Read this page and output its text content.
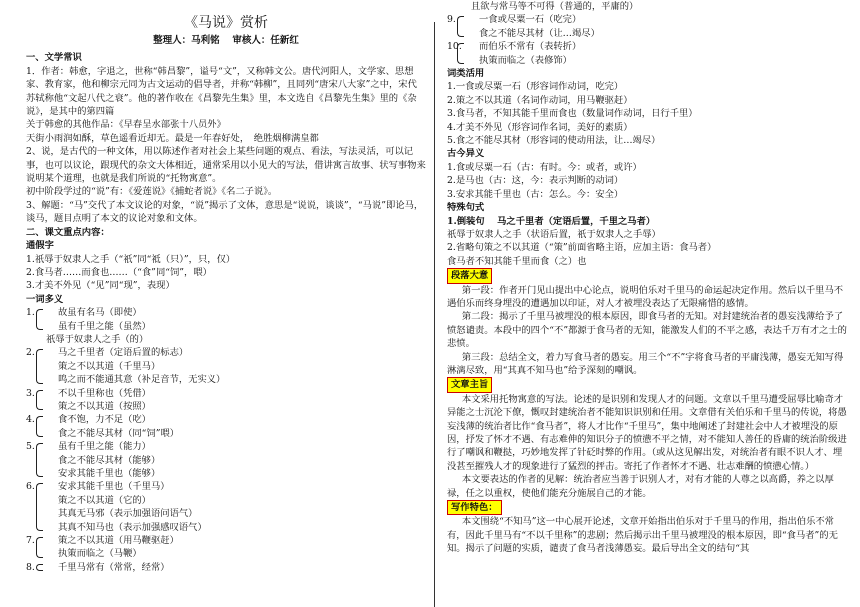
《马说》赏析
整理人：马利铭　 审核人：任新红
一、文学常识
1．作者：韩愈，字退之，世称“韩昌黎”，谥号“文”，又称韩文公。唐代河阳人，文学家、思想家、教育家，他和柳宗元同为古文运动的倡导者，并称“韩柳”，且同列“唐宋八大家”之中，宋代苏轼称他“文起八代之衰”。他的著作收在《昌黎先生集》里，本文选自《昌黎先生集》里的《杂说》，是其中的第四篇
关于韩愈的其他作品：《早春呈水部张十八员外》
天街小雨润如酥，草色遥看近却无。最是一年春好处，　绝胜烟柳满皇都
2、说，是古代的一种文体，用以陈述作者对社会上某些问题的观点、看法，写法灵活，可以记事，也可以议论，跟现代的杂文大体相近，通常采用以小见大的写法，借讲寓言故事、状写事物来说明某个道理，也就是我们所说的“托物寓意”。
初中阶段学过的“说”有：《爱莲说》《捕蛇者说》《名二子说》。
3、解题：“马”交代了本文议论的对象，“说”揭示了文体，意思是“说说，谈谈”，“马说”即论马，谈马，题目点明了本文的议论对象和文体。
二、课文重点内容：
通假字
1.祇辱于奴隶人之手（“祇”同“祗（只）”，只，仅）
2.食马者……而食也……（“食”同“饲”，喂）
3.才美不外见（“见”同“现”，表现）
一词多义
1. 故虽有名马（即使）
虽有千里之能（虽然）
祇辱于奴隶人之手（的）
2. 马之千里者（定语后置的标志）
策之不以其道（千里马）
鸣之而不能通其意（补足音节，无实义）
3. 不以千里称也（凭借）
策之不以其道（按照）
4. 食不饱，力不足（吃）
食之不能尽其材（同“饲”喂）
5. 虽有千里之能（能力）
食之不能尽其材（能够）
安求其能千里也（能够）
6. 安求其能千里也（千里马）
策之不以其道（它的）
其真无马邪（表示加强语问语气）
其真不知马也（表示加强感叹语气）
7. 策之不以其道（用马鞭驱赶）
执策而临之（马鞭）
8. 千里马常有（常常，经常）
且欲与常马等不可得（普通的，平庸的）
9. 一食或尽粟一石（吃完）
食之不能尽其材（让…竭尽）
10. 而伯乐不常有（表转折）
执策而临之（表修饰）
词类活用
1.一食或尽粟一石（形容词作动词，吃完）
2.策之不以其道（名词作动词，用马鞭驱赶）
3.食马者，不知其能千里而食也（数量词作动词，日行千里）
4.才美不外见（形容词作名词，美好的素质）
5.食之不能尽其材（形容词的使动用法，让…竭尽）
古今异义
1.食或尽粟一石（古：有时。今：或者，或许）
2.是马也（古：这，今：表示判断的动词）
3.安求其能千里也（古：怎么。今：安全）
特殊句式
1.倒装句　 马之千里者（定语后置，千里之马者）
祇辱于奴隶人之手（状语后置，祇于奴隶人之手辱）
2.省略句策之不以其道（“策”前面省略主语，应加主语：食马者）
食马者不知其能千里而食（之）也
段落大意
第一段：作者开门见山提出中心论点，说明伯乐对千里马的命运起决定作用。然后以千里马不遇伯乐而终身埋没的遭遇加以印证，对人才被埋没表达了无限痛惜的感情。
第二段：揭示了千里马被埋没的根本原因，即食马者的无知。对封建统治者的愚妄浅薄给予了愤怒谴责。本段中的四个“不”都源于食马者的无知，能激发人们的不平之感，表达千万有才之士的悲愤。
第三段：总结全文，着力写食马者的愚妄。用三个“不”字将食马者的平庸浅薄，愚妄无知写得淋漓尽致，用“其真不知马也”给予深刻的嘲讽。
文章主旨
本文采用托物寓意的写法。论述的是识别和发现人才的问题。文章以千里马遭受屈辱比喻奇才异能之士沉沦下僚，慨叹封建统治者不能知识识别和任用。文章借有关伯乐和千里马的传说，将愚妄浅薄的统治者比作“食马者”，将人才比作“千里马”，集中地阐述了封建社会中人才被埋没的原因，抒发了怀才不遇、有志难伸的知识分子的愤懑不平之情，对不能知人善任的昏庸的统治阶级进行了嘲讽和鞭挞，巧妙地发挥了针砭时弊的作用。（或从这见解出发，对统治者有眼不识人才、埋没甚至摧残人才的现象进行了猛烈的抨击。寄托了作者怀才不遇、壮志难酬的愤懑心情。）
本文要表达的作者的见解：统治者应当善于识别人才，对有才能的人尊之以高爵，养之以厚禄，任之以重权，使他们能充分施展自己的才能。
写作特色：
本文围绕“不知马”这一中心展开论述，文章开始指出伯乐对于千里马的作用，指出伯乐不常有，因此千里马有“不以千里称”的悲剧；然后揭示出千里马被埋没的根本原因，即“食马者”的无知。揭示了问题的实质，谴责了食马者浅薄愚妄。最后导出全文的结句“其
